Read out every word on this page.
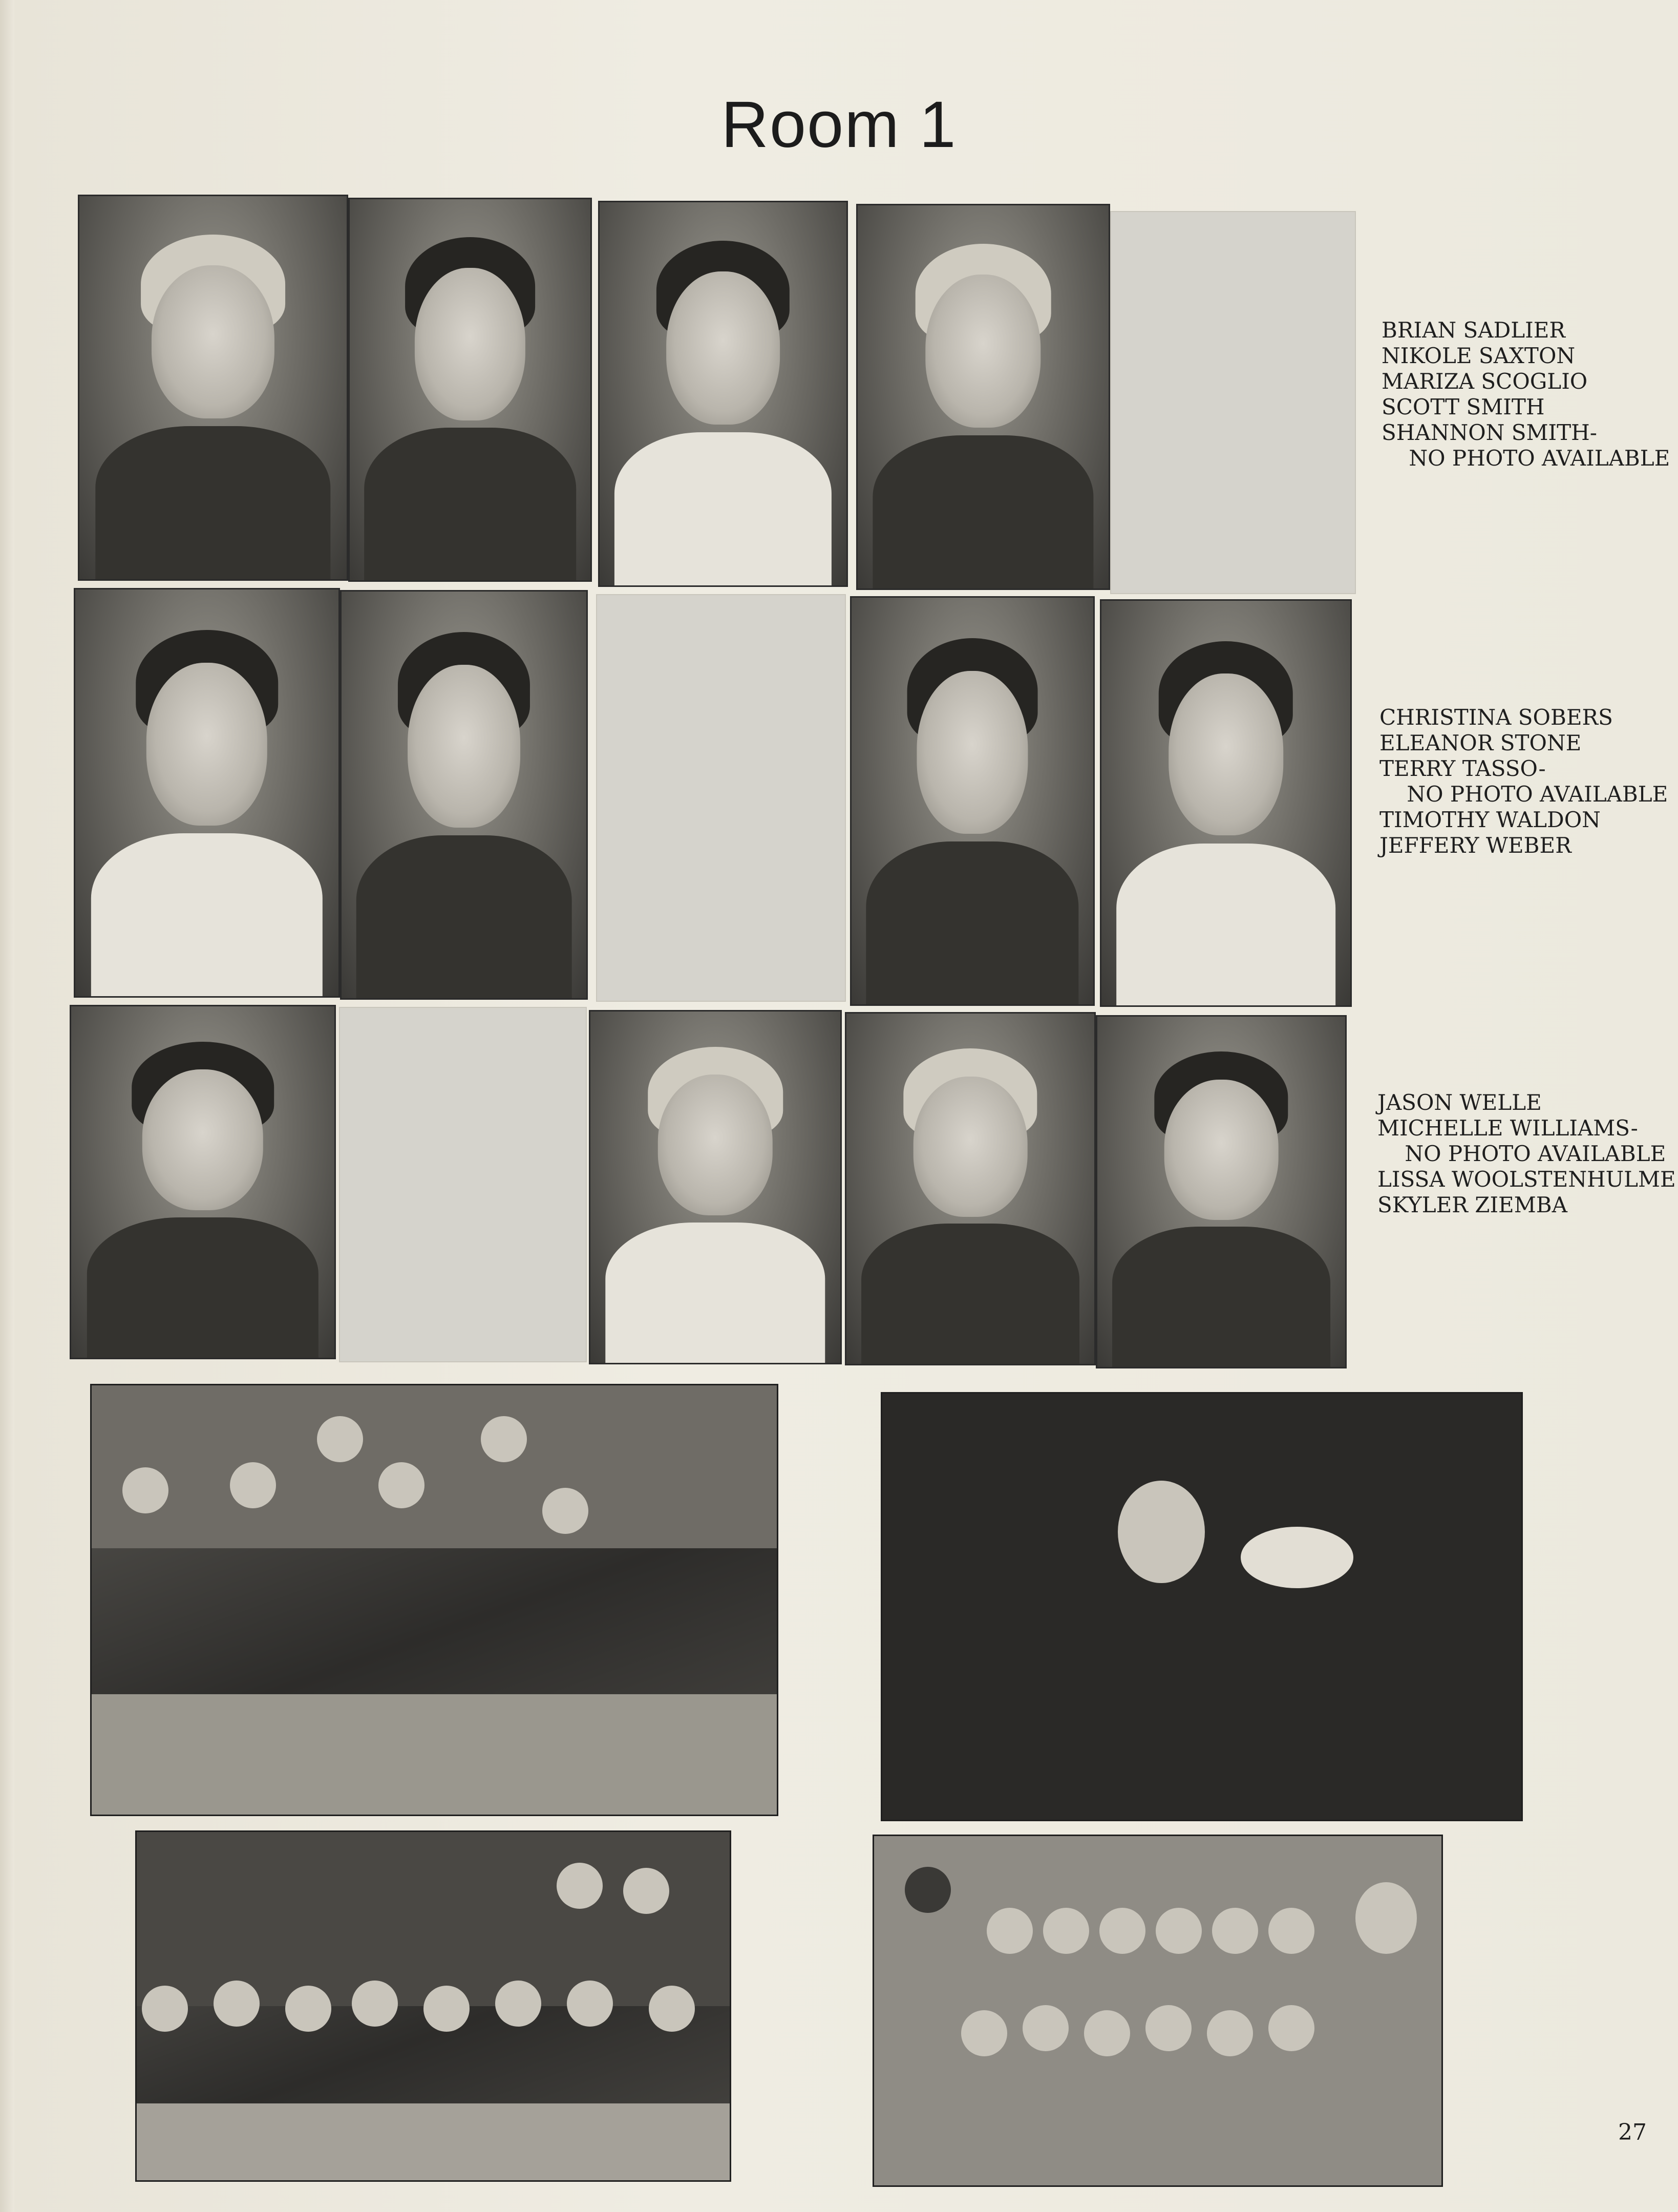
Room 1
BRIAN SADLIER
NIKOLE SAXTON
MARIZA SCOGLIO
SCOTT SMITH
SHANNON SMITH-
NO PHOTO AVAILABLE
CHRISTINA SOBERS
ELEANOR STONE
TERRY TASSO-
NO PHOTO AVAILABLE
TIMOTHY WALDON
JEFFERY WEBER
JASON WELLE
MICHELLE WILLIAMS-
NO PHOTO AVAILABLE
LISSA WOOLSTENHULME
SKYLER ZIEMBA
27
